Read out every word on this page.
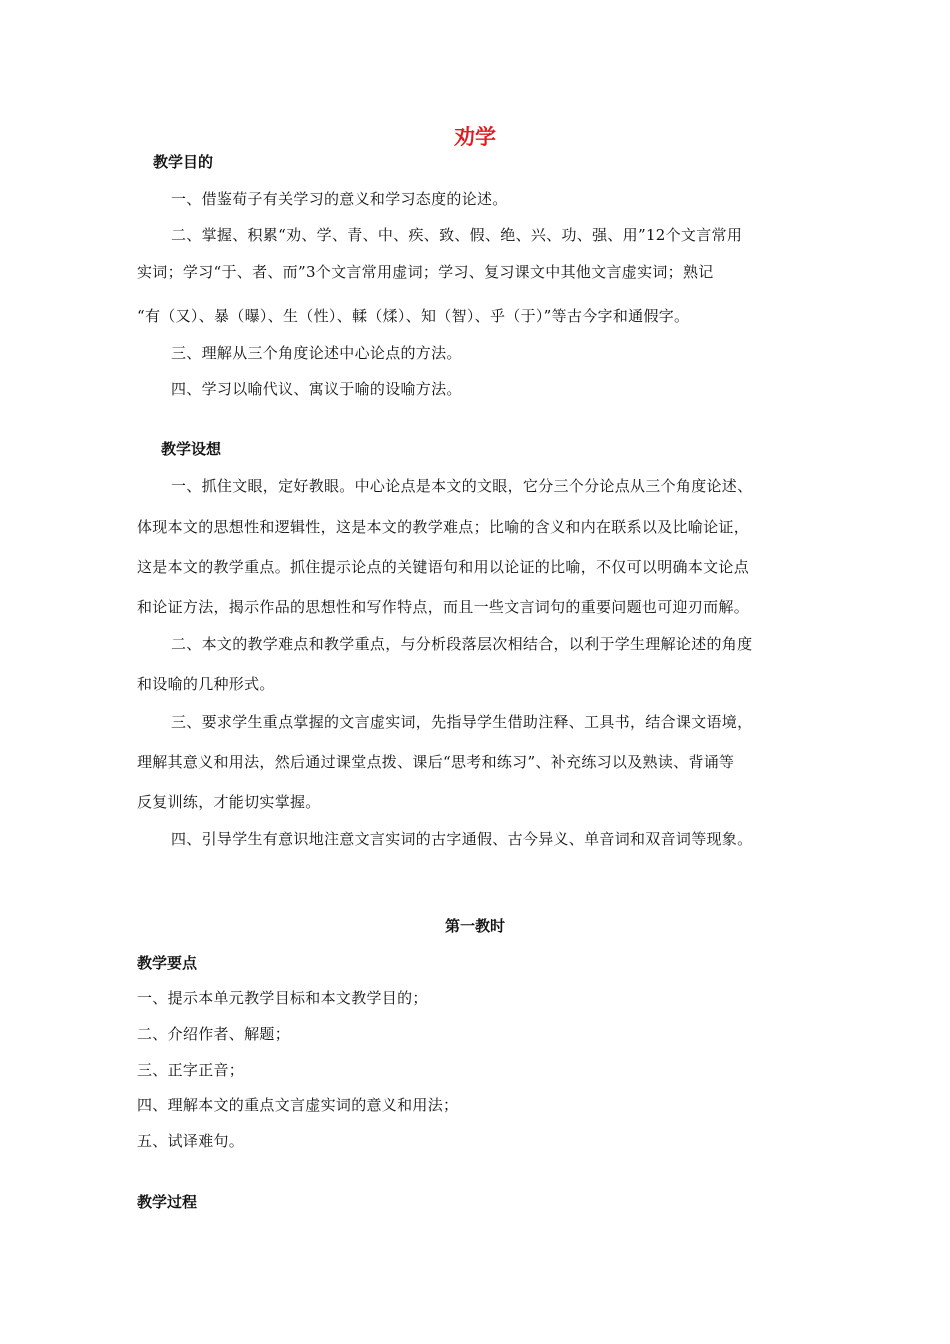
劝学
教学目的
一、借鉴荀子有关学习的意义和学习态度的论述。
二、掌握、积累“劝、学、青、中、疾、致、假、绝、兴、功、强、用”12个文言常用
实词；学习“于、者、而”3个文言常用虚词；学习、复习课文中其他文言虚实词；熟记
“有（又）、暴（曝）、生（性）、輮（煣）、知（智）、乎（于）”等古今字和通假字。
三、理解从三个角度论述中心论点的方法。
四、学习以喻代议、寓议于喻的设喻方法。
教学设想
一、抓住文眼，定好教眼。中心论点是本文的文眼，它分三个分论点从三个角度论述、
体现本文的思想性和逻辑性，这是本文的教学难点；比喻的含义和内在联系以及比喻论证，
这是本文的教学重点。抓住提示论点的关键语句和用以论证的比喻，不仅可以明确本文论点
和论证方法，揭示作品的思想性和写作特点，而且一些文言词句的重要问题也可迎刃而解。
二、本文的教学难点和教学重点，与分析段落层次相结合，以利于学生理解论述的角度
和设喻的几种形式。
三、要求学生重点掌握的文言虚实词，先指导学生借助注释、工具书，结合课文语境，
理解其意义和用法，然后通过课堂点拨、课后“思考和练习”、补充练习以及熟读、背诵等
反复训练，才能切实掌握。
四、引导学生有意识地注意文言实词的古字通假、古今异义、单音词和双音词等现象。
第一教时
教学要点
一、提示本单元教学目标和本文教学目的；
二、介绍作者、解题；
三、正字正音；
四、理解本文的重点文言虚实词的意义和用法；
五、试译难句。
教学过程
